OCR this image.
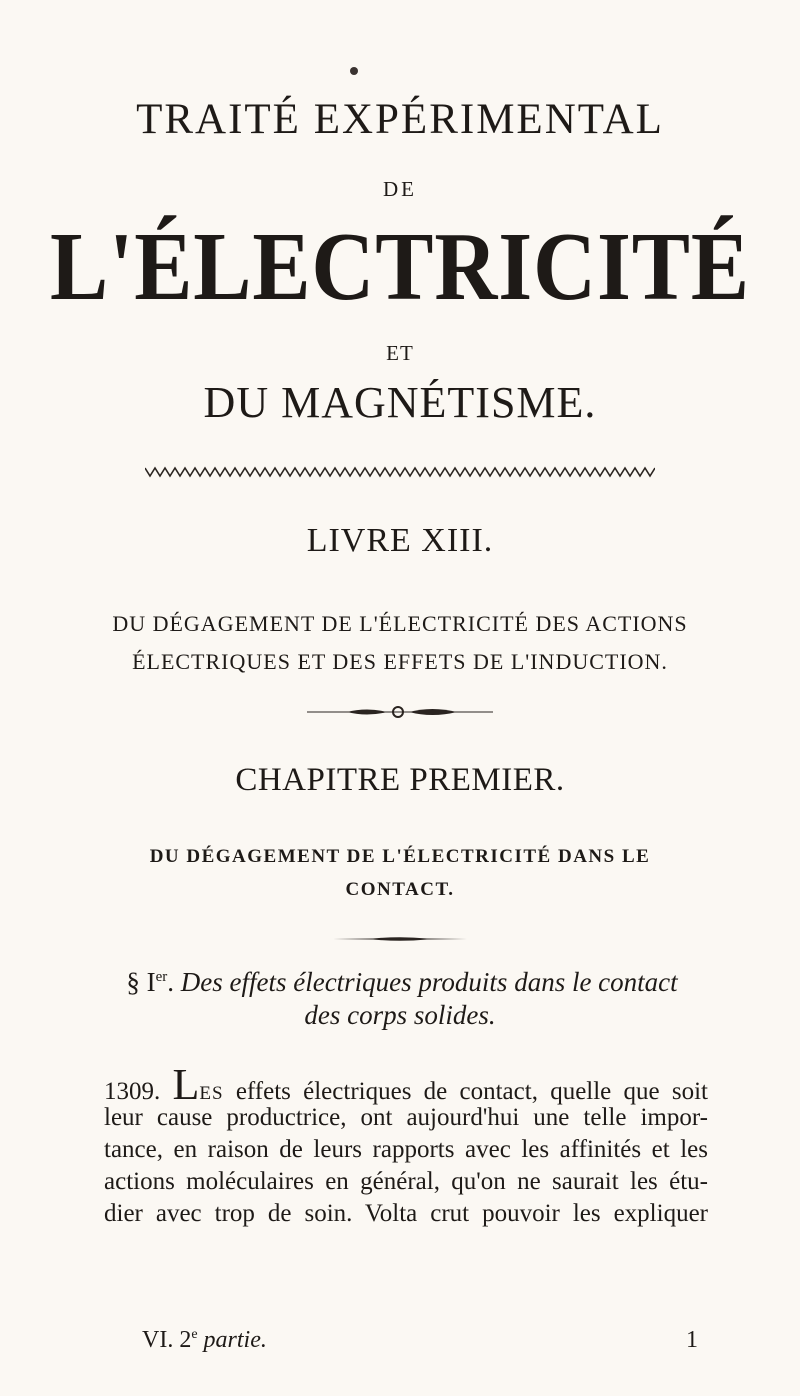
TRAITÉ EXPÉRIMENTAL
DE
L'ÉLECTRICITÉ
ET
DU MAGNÉTISME.
LIVRE XIII.
DU DÉGAGEMENT DE L'ÉLECTRICITÉ DES ACTIONS
ÉLECTRIQUES ET DES EFFETS DE L'INDUCTION.
CHAPITRE PREMIER.
DU DÉGAGEMENT DE L'ÉLECTRICITÉ DANS LE
CONTACT.
§ Ier. Des effets électriques produits dans le contact
des corps solides.
1309. LES effets électriques de contact, quelle que soit
leur cause productrice, ont aujourd'hui une telle impor-
tance, en raison de leurs rapports avec les affinités et les
actions moléculaires en général, qu'on ne saurait les étu-
dier avec trop de soin. Volta crut pouvoir les expliquer
VI. 2e partie.	1
